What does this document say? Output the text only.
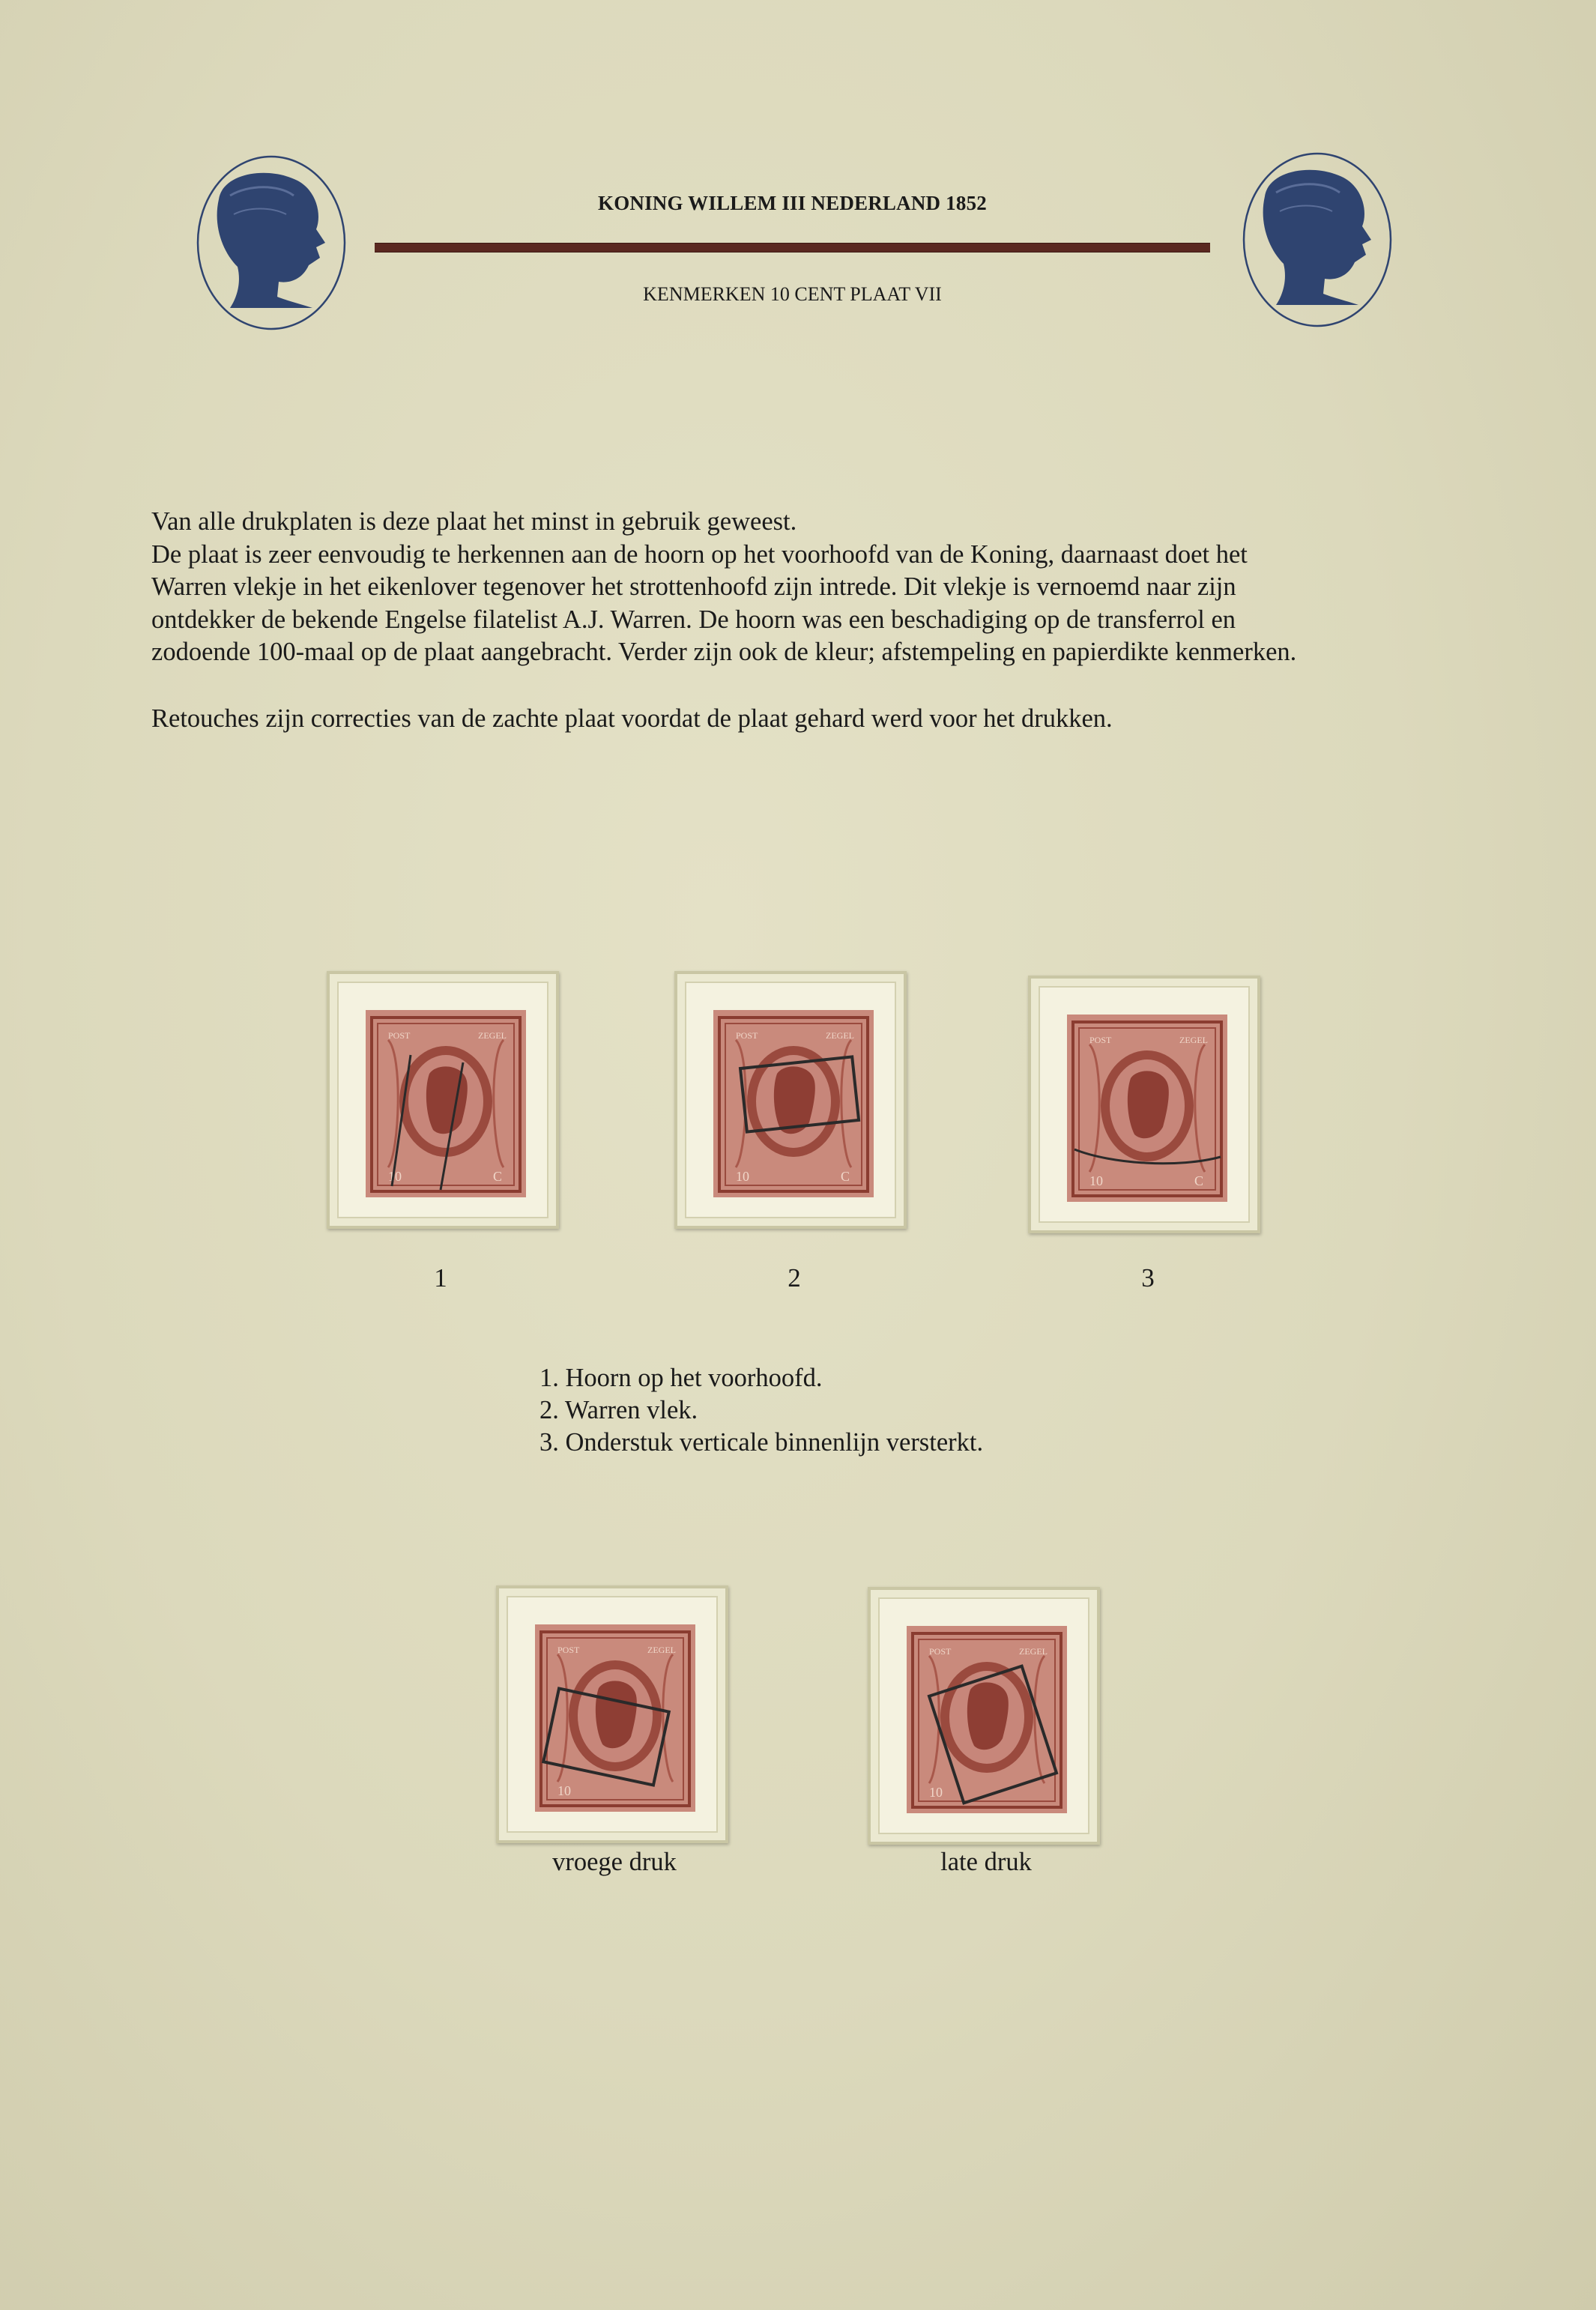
KONING WILLEM III NEDERLAND 1852
KENMERKEN 10 CENT PLAAT VII

Van alle drukplaten is deze plaat het minst in gebruik geweest.

De plaat is zeer eenvoudig te herkennen aan de hoorn op het voorhoofd van de Koning, daarnaast doet het

Warren vlekje in het eikenlover tegenover het strottenhoofd zijn intrede. Dit vlekje is vernoemd naar zijn

ontdekker de bekende Engelse filatelist A.J. Warren. De hoorn was een beschadiging op de transferrol en

zodoende 100-maal op de plaat aangebracht. Verder zijn ook de kleur; afstempeling en papierdikte kenmerken.

Retouches zijn correcties van de zachte plaat voordat de plaat gehard werd voor het drukken.
POST	ZEGEL
10	C
POST	ZEGEL
10	C
POST	ZEGEL
10	C
1	2	3
1. Hoorn op het voorhoofd.
2. Warren vlek.
3. Onderstuk verticale binnenlijn versterkt.
POST	ZEGEL
10
POST	ZEGEL
10
vroege druk	late druk
